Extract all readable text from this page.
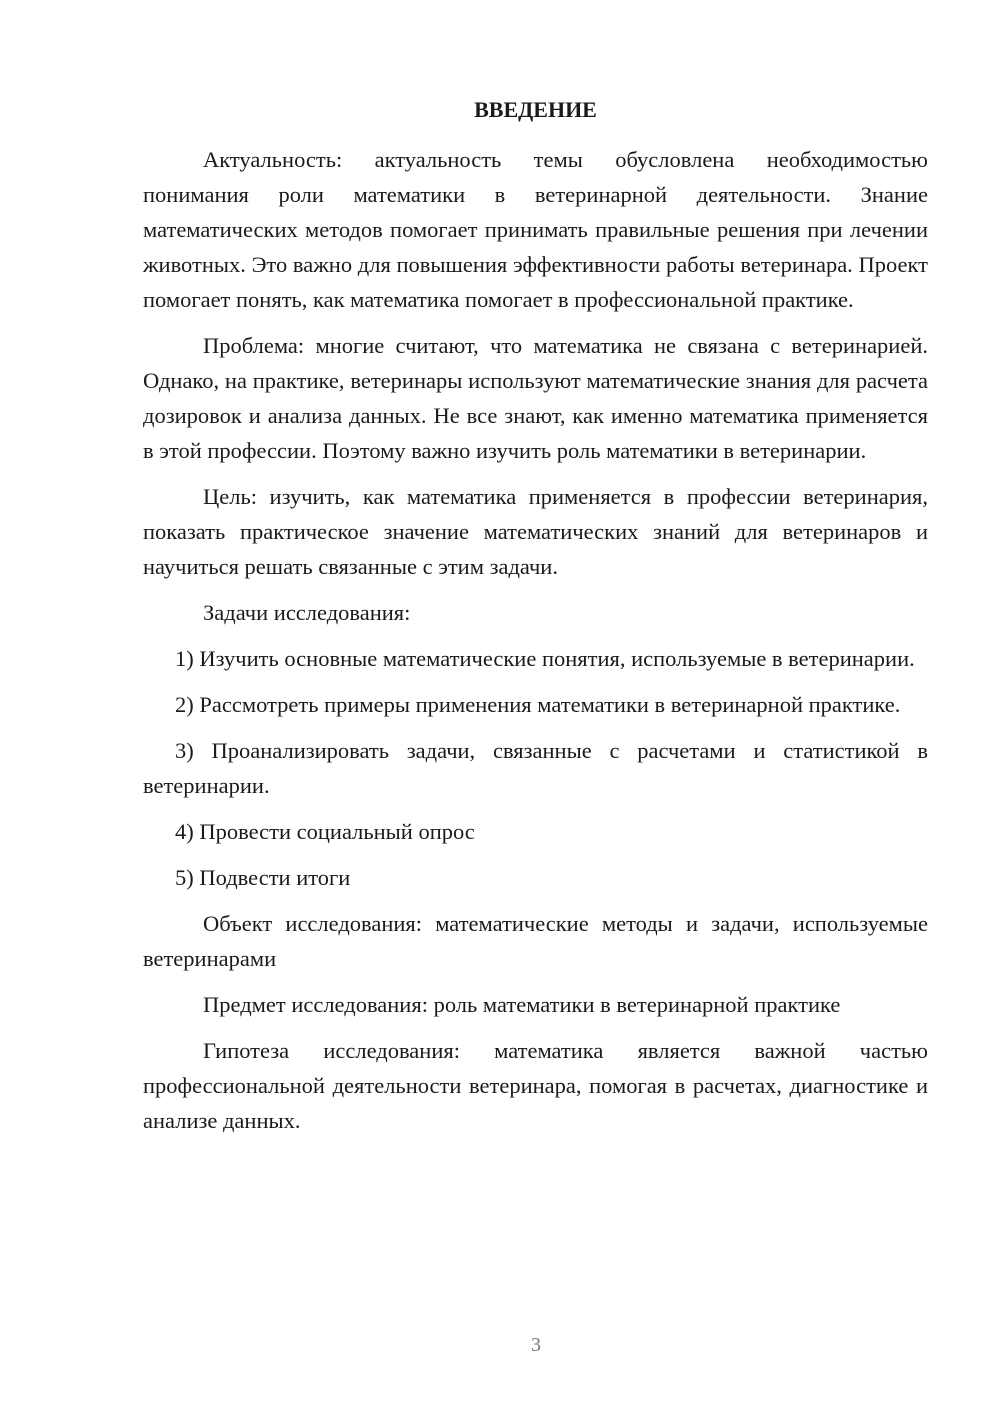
ВВЕДЕНИЕ

Актуальность: актуальность темы обусловлена необходимостью понимания роли математики в ветеринарной деятельности. Знание математических методов помогает принимать правильные решения при лечении животных. Это важно для повышения эффективности работы ветеринара. Проект помогает понять, как математика помогает в профессиональной практике.

Проблема: многие считают, что математика не связана с ветеринарией. Однако, на практике, ветеринары используют математические знания для расчета дозировок и анализа данных. Не все знают, как именно математика применяется в этой профессии. Поэтому важно изучить роль математики в ветеринарии.

Цель: изучить, как математика применяется в профессии ветеринария, показать практическое значение математических знаний для ветеринаров и научиться решать связанные с этим задачи.

Задачи исследования:

1) Изучить основные математические понятия, используемые в ветеринарии.

2) Рассмотреть примеры применения математики в ветеринарной практике.

3) Проанализировать задачи, связанные с расчетами и статистикой в ветеринарии.

4) Провести социальный опрос

5) Подвести итоги

Объект исследования: математические методы и задачи, используемые ветеринарами

Предмет исследования: роль математики в ветеринарной практике

Гипотеза исследования: математика является важной частью профессиональной деятельности ветеринара, помогая в расчетах, диагностике и анализе данных.

3
